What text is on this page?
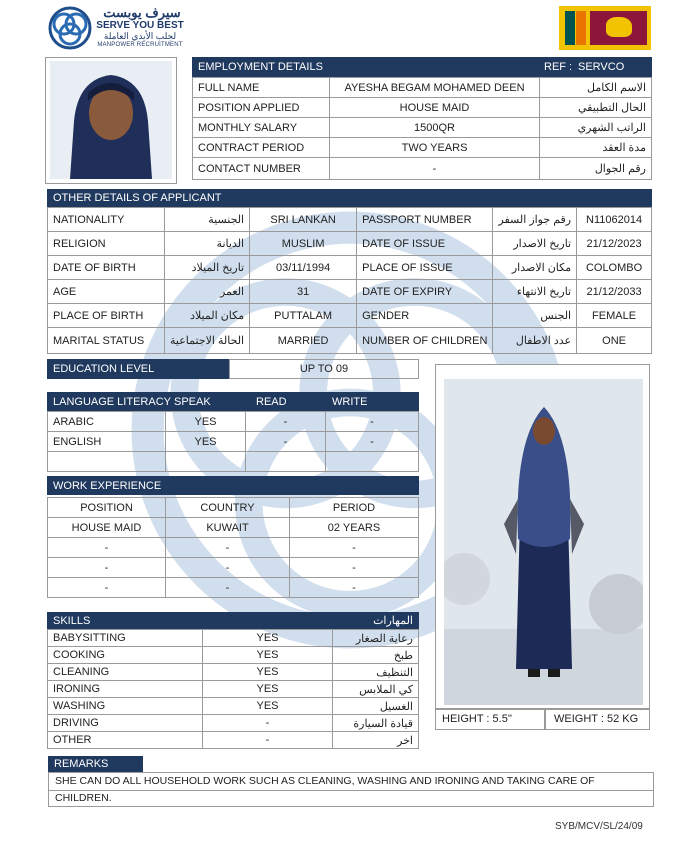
سيرف يوبست
SERVE YOU BEST
لجلب الأيدي العاملة
MANPOWER RECRUITMENT
EMPLOYMENT DETAILS	REF : SERVCO
FULL NAME	AYESHA BEGAM MOHAMED DEEN	الاسم الكامل
POSITION APPLIED	HOUSE MAID	الحال التطبيقي
MONTHLY SALARY	1500QR	الراتب الشهري
CONTRACT PERIOD	TWO YEARS	مدة العقد
CONTACT NUMBER	-	رقم الجوال
OTHER DETAILS OF APPLICANT
NATIONALITY	الجنسية	SRI LANKAN	PASSPORT NUMBER	رقم جواز السفر	N11062014
RELIGION	الديانة	MUSLIM	DATE OF ISSUE	تاريخ الاصدار	21/12/2023
DATE OF BIRTH	تاريخ الميلاد	03/11/1994	PLACE OF ISSUE	مكان الاصدار	COLOMBO
AGE	العمر	31	DATE OF EXPIRY	تاريخ الانتهاء	21/12/2033
PLACE OF BIRTH	مكان الميلاد	PUTTALAM	GENDER	الجنس	FEMALE
MARITAL STATUS	الحالة الاجتماعية	MARRIED	NUMBER OF CHILDREN	عدد الاطفال	ONE
EDUCATION LEVEL	UP TO 09
LANGUAGE LITERACY SPEAK	READ	WRITE
ARABIC	YES	-	-
ENGLISH	YES	-	-

WORK EXPERIENCE
POSITION	COUNTRY	PERIOD
HOUSE MAID	KUWAIT	02 YEARS
-	-	-
-	-	-
-	-	-
SKILLS	المهارات
BABYSITTING	YES	رعاية الصغار
COOKING	YES	طبخ
CLEANING	YES	التنظيف
IRONING	YES	كي الملابس
WASHING	YES	الغسيل
DRIVING	-	قيادة السيارة
OTHER	-	اخر
HEIGHT : 5.5''	WEIGHT : 52 KG
REMARKS
SHE CAN DO ALL HOUSEHOLD WORK SUCH AS CLEANING, WASHING AND IRONING AND TAKING CARE OF CHILDREN.
SYB/MCV/SL/24/09
